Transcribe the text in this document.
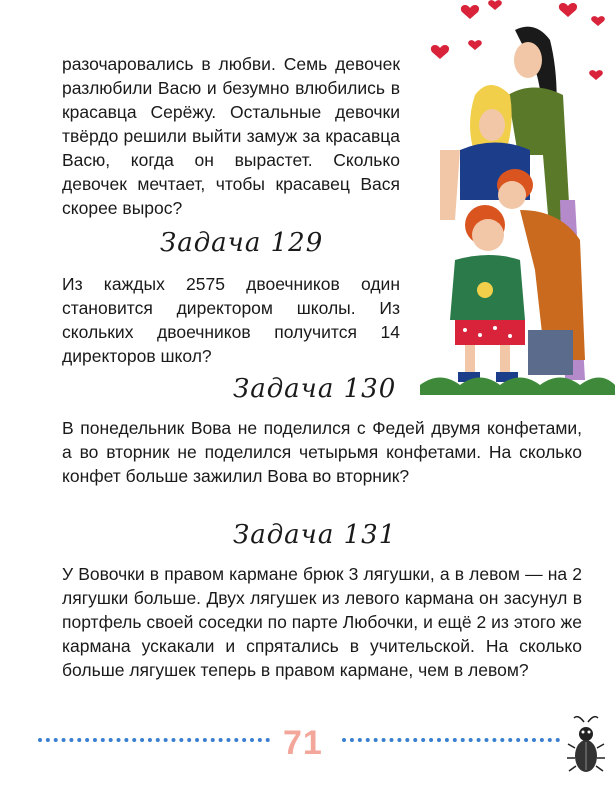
разочаровались в любви. Семь девочек разлюбили Васю и безумно влюбились в красавца Серёжу. Остальные девочки твёрдо решили выйти замуж за красавца Васю, когда он вырастет. Сколько девочек мечтает, чтобы красавец Вася скорее вырос?
Задача 129
Из каждых 2575 двоечников один становится директором школы. Из скольких двоечников получится 14 директоров школ?
Задача 130
В понедельник Вова не поделился с Федей двумя конфетами, а во вторник не поделился четырьмя конфетами. На сколько конфет больше зажилил Вова во вторник?
Задача 131
У Вовочки в правом кармане брюк 3 лягушки, а в левом — на 2 лягушки больше. Двух лягушек из левого кармана он засунул в портфель своей соседки по парте Любочки, и ещё 2 из этого же кармана ускакали и спрятались в учительской. На сколько больше лягушек теперь в правом кармане, чем в левом?
71
